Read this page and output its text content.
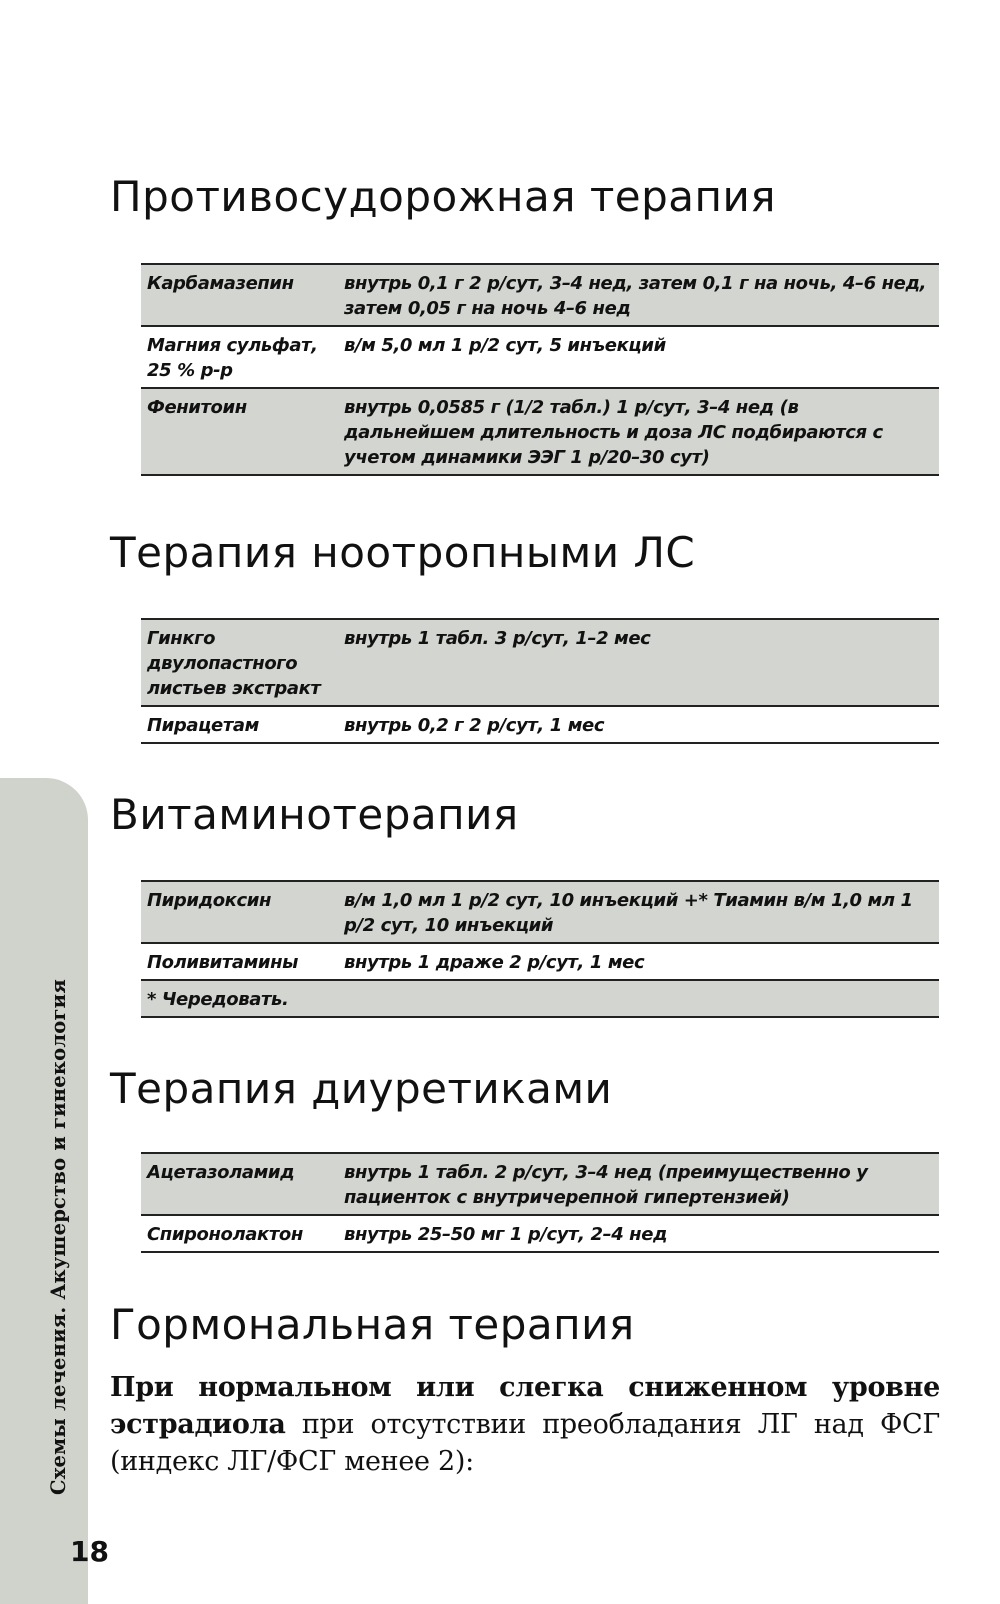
Схемы лечения. Акушерство и гинекология
18
Противосудорожная терапия
Карбамазепин	внутрь 0,1 г 2 р/сут, 3–4 нед, затем 0,1 г на ночь, 4–6 нед, затем 0,05 г на ночь 4–6 нед
Магния сульфат, 25 % р-р	в/м 5,0 мл 1 р/2 сут, 5 инъекций
Фенитоин	внутрь 0,0585 г (1/2 табл.) 1 р/сут, 3–4 нед (в дальнейшем длительность и доза ЛС подбираются с учетом динамики ЭЭГ 1 р/20–30 сут)
Терапия ноотропными ЛС
Гинкго двулопастного листьев экстракт	внутрь 1 табл. 3 р/сут, 1–2 мес
Пирацетам	внутрь 0,2 г 2 р/сут, 1 мес
Витаминотерапия
Пиридоксин	в/м 1,0 мл 1 р/2 сут, 10 инъекций +* Тиамин в/м 1,0 мл 1 р/2 сут, 10 инъекций
Поливитамины	внутрь 1 драже 2 р/сут, 1 мес
* Чередовать.	
Терапия диуретиками
Ацетазоламид	внутрь 1 табл. 2 р/сут, 3–4 нед (преимущественно у пациенток с внутричерепной гипертензией)
Спиронолактон	внутрь 25–50 мг 1 р/сут, 2–4 нед
Гормональная терапия
При нормальном или слегка сниженном уровне эстрадиола при отсутствии преобладания ЛГ над ФСГ (индекс ЛГ/ФСГ менее 2):
